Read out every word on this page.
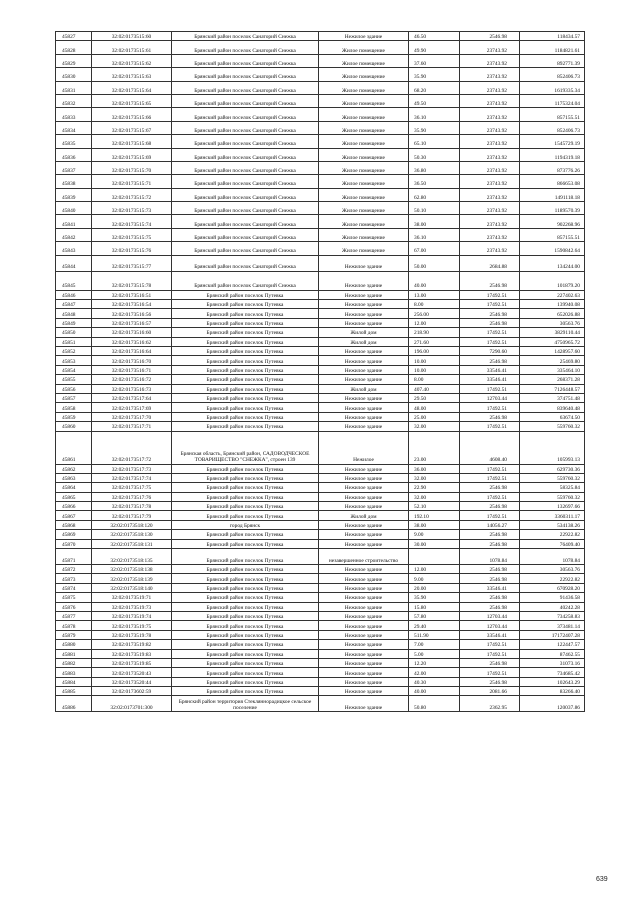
45827	32:02:0173515:60	Брянский район поселок Санаторий Снежка	Нежилое здание	46.50	2546.98	118434.57
45828	32:02:0173515:61	Брянский район поселок Санаторий Снежка	Жилое помещение	49.90	23743.92	1184821.61
45829	32:02:0173515:62	Брянский район поселок Санаторий Снежка	Жилое помещение	37.60	23743.92	892771.39
45830	32:02:0173515:63	Брянский район поселок Санаторий Снежка	Жилое помещение	35.90	23743.92	852406.73
45831	32:02:0173515:64	Брянский район поселок Санаторий Снежка	Жилое помещение	68.20	23743.92	1619335.34
45832	32:02:0173515:65	Брянский район поселок Санаторий Снежка	Жилое помещение	49.50	23743.92	1175324.04
45833	32:02:0173515:66	Брянский район поселок Санаторий Снежка	Жилое помещение	36.10	23743.92	857155.51
45834	32:02:0173515:67	Брянский район поселок Санаторий Снежка	Жилое помещение	35.90	23743.92	852406.73
45835	32:02:0173515:68	Брянский район поселок Санаторий Снежка	Жилое помещение	65.10	23743.92	1545729.19
45836	32:02:0173515:69	Брянский район поселок Санаторий Снежка	Жилое помещение	50.30	23743.92	1194319.18
45837	32:02:0173515:70	Брянский район поселок Санаторий Снежка	Жилое помещение	36.80	23743.92	873776.26
45838	32:02:0173515:71	Брянский район поселок Санаторий Снежка	Жилое помещение	36.50	23743.92	866653.08
45839	32:02:0173515:72	Брянский район поселок Санаторий Снежка	Жилое помещение	62.80	23743.92	1491118.18
45840	32:02:0173515:73	Брянский район поселок Санаторий Снежка	Жилое помещение	50.10	23743.92	1189570.39
45841	32:02:0173515:74	Брянский район поселок Санаторий Снежка	Жилое помещение	38.00	23743.92	902268.96
45842	32:02:0173515:75	Брянский район поселок Санаторий Снежка	Жилое помещение	36.10	23743.92	857155.51
45843	32:02:0173515:76	Брянский район поселок Санаторий Снежка	Жилое помещение	67.00	23743.92	1590842.64
45844	32:02:0173515:77	Брянский район поселок Санаторий Снежка	Нежилое здание	50.00	2684.88	134244.00
45845	32:02:0173515:78	Брянский район поселок Санаторий Снежка	Нежилое здание	40.00	2546.98	101879.20
45846	32:02:0173516:51	Брянский район поселок Путевка	Нежилое здание	13.00	17492.51	227402.63
45847	32:02:0173516:54	Брянский район поселок Путевка	Нежилое здание	8.00	17492.51	139940.08
45848	32:02:0173516:56	Брянский район поселок Путевка	Нежилое здание	256.00	2546.98	652026.88
45849	32:02:0173516:57	Брянский район поселок Путевка	Нежилое здание	12.00	2546.98	30563.76
45850	32:02:0173516:60	Брянский район поселок Путевка	Жилой дом	218.90	17492.51	3829110.44
45851	32:02:0173516:62	Брянский район поселок Путевка	Жилой дом	271.60	17492.51	4750965.72
45852	32:02:0173516:64	Брянский район поселок Путевка	Нежилое здание	196.00	7290.60	1428957.60
45853	32:02:0173516:70	Брянский район поселок Путевка	Нежилое здание	10.00	2546.98	25469.80
45854	32:02:0173516:71	Брянский район поселок Путевка	Нежилое здание	10.00	33546.41	335464.10
45855	32:02:0173516:72	Брянский район поселок Путевка	Нежилое здание	8.00	33546.41	268371.28
45856	32:02:0173516:73	Брянский район поселок Путевка	Жилой дом	407.40	17492.51	7126448.57
45857	32:02:0173517:64	Брянский район поселок Путевка	Нежилое здание	29.50	12703.44	374751.48
45858	32:02:0173517:69	Брянский район поселок Путевка	Нежилое здание	48.00	17492.51	839640.48
45859	32:02:0173517:70	Брянский район поселок Путевка	Нежилое здание	25.00	2546.98	63674.50
45860	32:02:0173517:71	Брянский район поселок Путевка	Нежилое здание	32.00	17492.51	559760.32
45861	32:02:0173517:72	Брянская область, Брянский район, САДОВОДЧЕСКОЕ ТОВАРИЩЕСТВО "СНЕЖКА", строен 139	Нежилое	23.00	4608.40	105993.13
45862	32:02:0173517:73	Брянский район поселок Путевка	Нежилое здание	36.00	17492.51	629730.36
45863	32:02:0173517:74	Брянский район поселок Путевка	Нежилое здание	32.00	17492.51	559760.32
45864	32:02:0173517:75	Брянский район поселок Путевка	Нежилое здание	22.90	2546.98	58325.84
45865	32:02:0173517:76	Брянский район поселок Путевка	Нежилое здание	32.00	17492.51	559760.32
45866	32:02:0173517:78	Брянский район поселок Путевка	Нежилое здание	52.10	2546.98	132697.66
45867	32:02:0173517:79	Брянский район поселок Путевка	Жилой дом	192.10	17492.51	3360311.17
45868	32:02:0173518:120	город Брянск	Нежилое здание	38.00	14056.27	534138.26
45869	32:02:0173518:130	Брянский район поселок Путевка	Нежилое здание	9.00	2546.98	22922.82
45870	32:02:0173518:131	Брянский район поселок Путевка	Нежилое здание	30.00	2546.98	76409.40
45871	32:02:0173518:135	Брянский район поселок Путевка	незавершенное строительство		1078.84	1078.84
45872	32:02:0173518:138	Брянский район поселок Путевка	Нежилое здание	12.00	2546.98	30563.76
45873	32:02:0173518:139	Брянский район поселок Путевка	Нежилое здание	9.00	2546.98	22922.82
45874	32:02:0173518:140	Брянский район поселок Путевка	Нежилое здание	20.00	33546.41	670928.20
45875	32:02:0173519:71	Брянский район поселок Путевка	Нежилое здание	35.90	2546.98	91436.58
45876	32:02:0173519:73	Брянский район поселок Путевка	Нежилое здание	15.80	2546.98	40242.28
45877	32:02:0173519:74	Брянский район поселок Путевка	Нежилое здание	57.80	12703.44	734258.83
45878	32:02:0173519:75	Брянский район поселок Путевка	Нежилое здание	29.40	12703.44	373481.14
45879	32:02:0173519:78	Брянский район поселок Путевка	Нежилое здание	511.90	33546.41	17172407.28
45880	32:02:0173519:82	Брянский район поселок Путевка	Нежилое здание	7.00	17492.51	122447.57
45881	32:02:0173519:83	Брянский район поселок Путевка	Нежилое здание	5.00	17492.51	87462.55
45882	32:02:0173519:85	Брянский район поселок Путевка	Нежилое здание	12.20	2546.98	31073.16
45883	32:02:0173520:43	Брянский район поселок Путевка	Нежилое здание	42.00	17492.51	734685.42
45884	32:02:0173520:44	Брянский район поселок Путевка	Нежилое здание	40.30	2546.98	102643.29
45885	32:02:0173602:59	Брянский район поселок Путевка	Нежилое здание	40.00	2081.66	83266.40
45886	32:02:0173701:300	Брянский район территория Стекляннорадицкое сельское поселение	Нежилое здание	50.80	2362.95	120037.86
639
